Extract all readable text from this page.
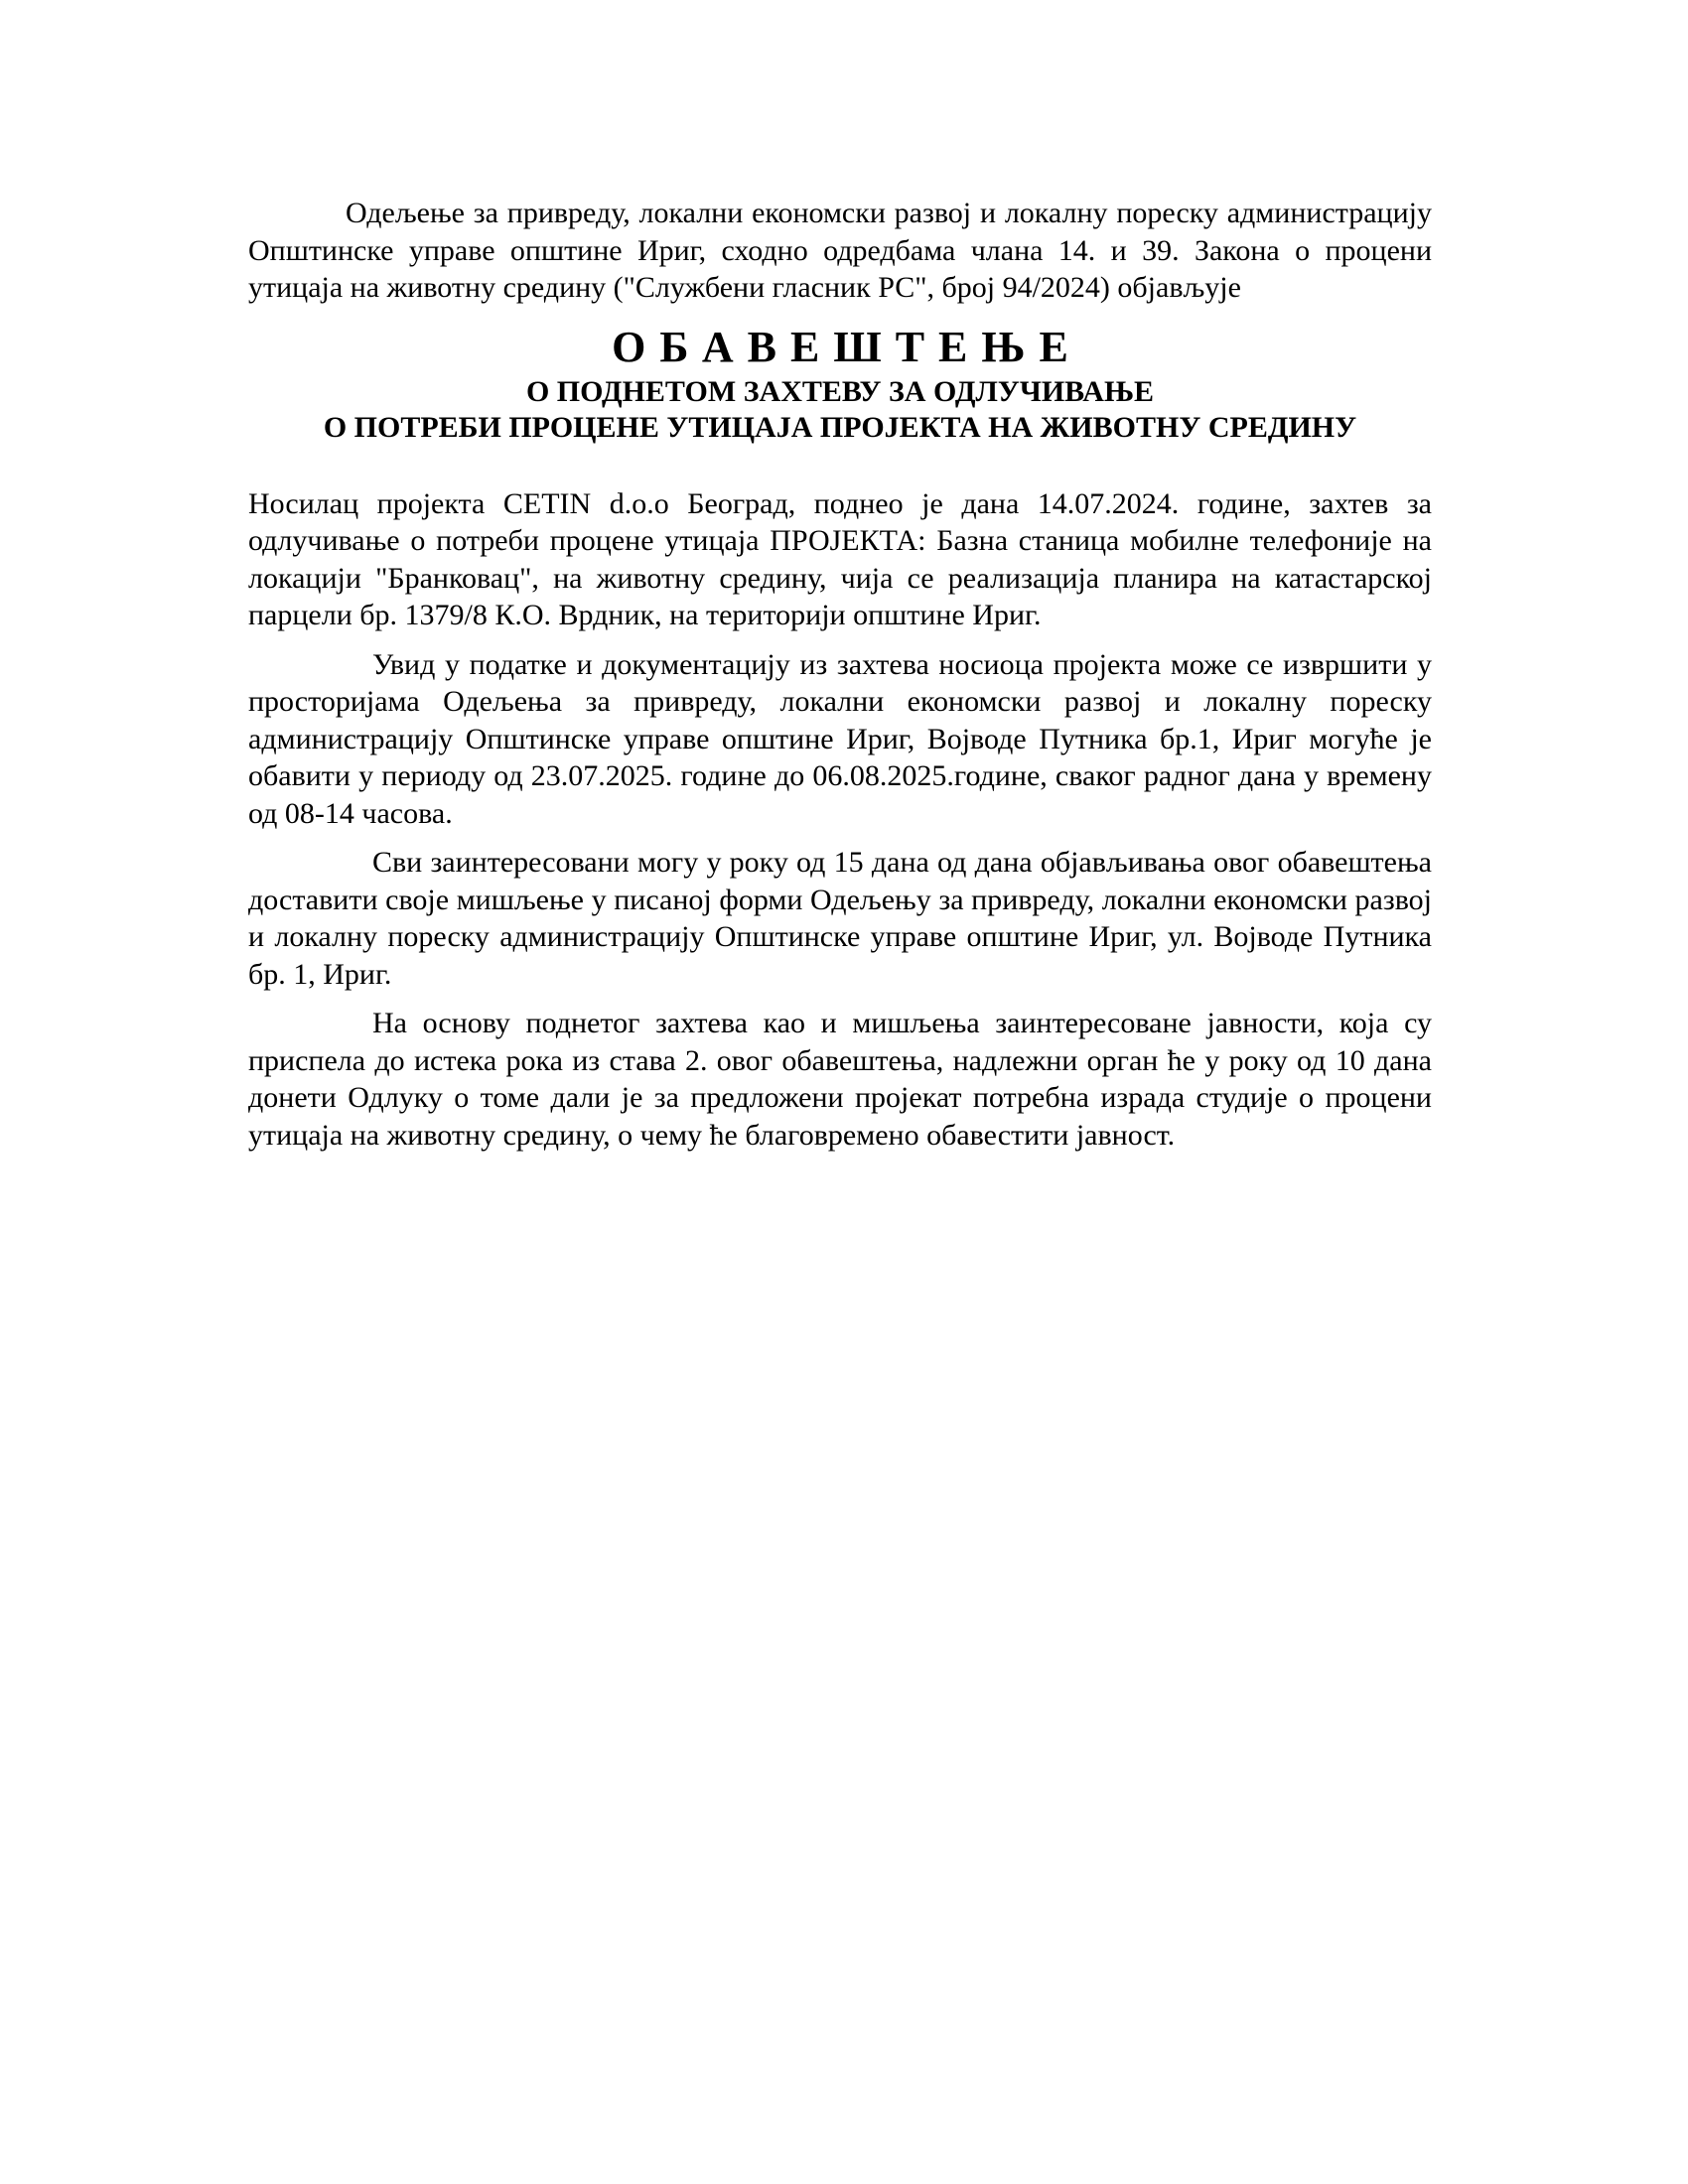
Одељење за привреду, локални економски развој и локалну пореску администрацију Општинске управе општине Ириг, сходно одредбама члана 14. и 39. Закона о процени утицаја на животну средину ("Службени гласник РС", број 94/2024) објављује

ОБАВЕШТЕЊЕ
О ПОДНЕТОМ ЗАХТЕВУ ЗА ОДЛУЧИВАЊЕ
О ПОТРЕБИ ПРОЦЕНЕ УТИЦАЈА ПРОЈЕКТА НА ЖИВОТНУ СРЕДИНУ

Носилац пројекта CETIN d.o.o Београд, поднео је дана 14.07.2024. године, захтев за одлучивање о потреби процене утицаја ПРОЈЕКТА: Базна станица мобилне телефоније на локацији "Бранковац", на животну средину, чија се реализација планира на катастарској парцели бр. 1379/8 К.О. Врдник, на територији општине Ириг.

Увид у податке и документацију из захтева носиоца пројекта може се извршити у просторијама Одељења за привреду, локални економски развој и локалну пореску администрацију Општинске управе општине Ириг, Војводе Путника бр.1, Ириг могуће је обавити у периоду од 23.07.2025. године до 06.08.2025.године, сваког радног дана у времену од 08-14 часова.

Сви заинтересовани могу у року од 15 дана од дана објављивања овог обавештења доставити своје мишљење у писаној форми Одељењу за привреду, локални економски развој и локалну пореску администрацију Општинске управе општине Ириг, ул. Војводе Путника бр. 1, Ириг.

На основу поднетог захтева као и мишљења заинтересоване јавности, која су приспела до истека рока из става 2. овог обавештења, надлежни орган ће у року од 10 дана донети Одлуку о томе дали је за предложени пројекат потребна израда студије о процени утицаја на животну средину, о чему ће благовремено обавестити јавност.
